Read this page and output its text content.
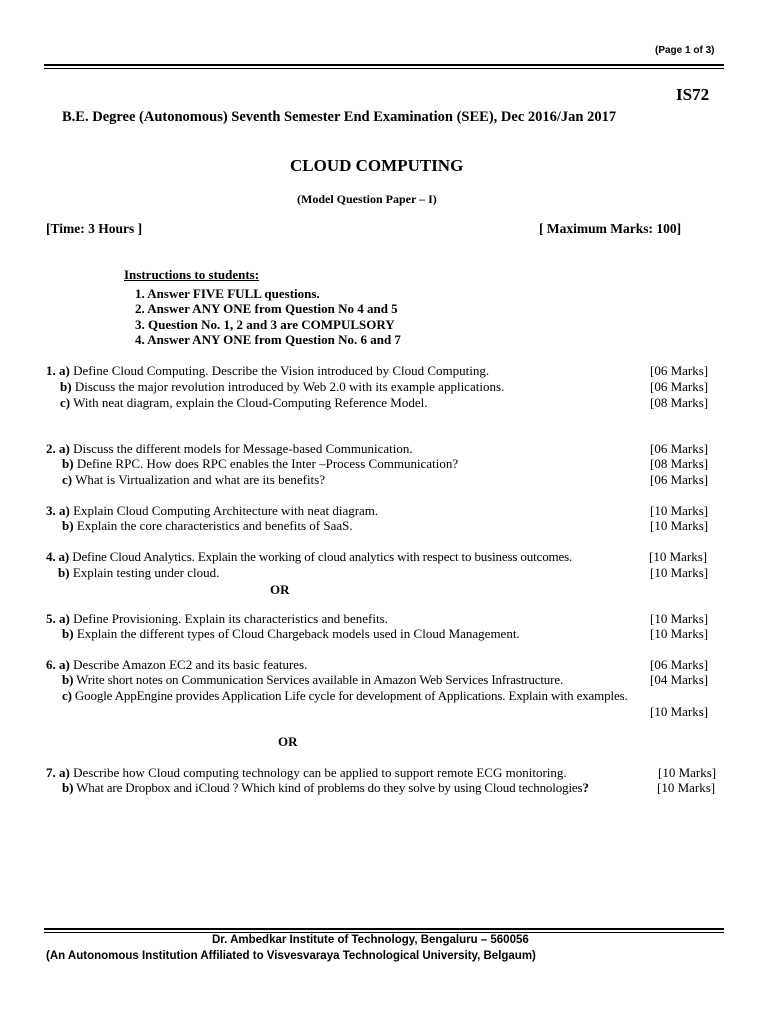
(Page 1 of 3)
IS72
B.E. Degree (Autonomous) Seventh Semester End Examination (SEE), Dec 2016/Jan 2017
CLOUD COMPUTING
(Model Question Paper – I)
[Time: 3 Hours ]	[ Maximum Marks: 100]
Instructions to students:
1. Answer FIVE FULL questions.
2. Answer ANY ONE from Question No 4 and 5
3. Question No. 1, 2 and 3 are COMPULSORY
4. Answer ANY ONE from Question No. 6 and 7
1. a) Define Cloud Computing. Describe the Vision introduced by Cloud Computing.	[06 Marks]
b) Discuss the major revolution introduced by Web 2.0 with its example applications.	[06 Marks]
c) With neat diagram, explain the Cloud-Computing Reference Model.	[08 Marks]
2. a) Discuss the different models for Message-based Communication.	[06 Marks]
b) Define RPC. How does RPC enables the Inter –Process Communication?	[08 Marks]
c) What is Virtualization and what are its benefits?	[06 Marks]
3. a) Explain Cloud Computing Architecture with neat diagram.	[10 Marks]
b) Explain the core characteristics and benefits of SaaS.	[10 Marks]
4. a) Define Cloud Analytics. Explain the working of cloud analytics with respect to business outcomes.	[10 Marks]
b) Explain testing under cloud.	[10 Marks]
OR
5. a) Define Provisioning. Explain its characteristics and benefits.	[10 Marks]
b) Explain the different types of Cloud Chargeback models used in Cloud Management.	[10 Marks]
6. a) Describe Amazon EC2 and its basic features.	[06 Marks]
b) Write short notes on Communication Services available in Amazon Web Services Infrastructure.	[04 Marks]
c) Google AppEngine provides Application Life cycle for development of Applications. Explain with examples.
[10 Marks]
OR
7. a) Describe how Cloud computing technology can be applied to support remote ECG monitoring.	[10 Marks]
b) What are Dropbox and iCloud ? Which kind of problems do they solve by using Cloud technologies?	[10 Marks]
Dr. Ambedkar Institute of Technology, Bengaluru – 560056
(An Autonomous Institution Affiliated to Visvesvaraya Technological University, Belgaum)
